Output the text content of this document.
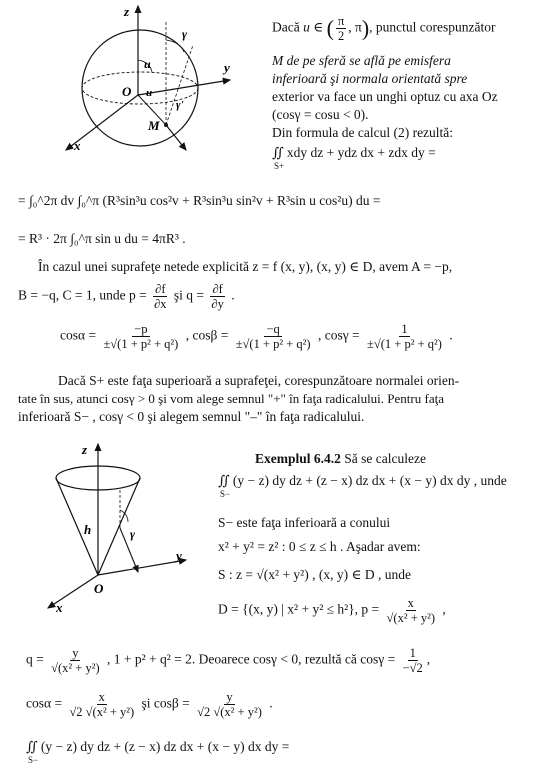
z
y
x
O
M
u
u
γ
γ'
Dacă u ∈ ( $\frac{\pi}{2}$ , π), punctul corespunzător
M de pe sferă se află pe emisfera
inferioară şi normala orientată spre
exterior va face un unghi optuz cu axa Oz
(cosγ = cosu < 0).
Din formula de calcul (2) rezultă:
∬ xdy dz + ydz dx + zdx dy =
S+
= ∫₀^2π dv ∫₀^π (R³sin³u cos²v + R³sin³u sin²v + R³sin u cos²u) du =
= R³ · 2π ∫₀^π sin u du = 4πR³ .
În cazul unei suprafeţe netede explicită z = f (x, y), (x, y) ∈ D, avem A = −p,
B = −q, C = 1, unde $p = \frac{\partial f}{\partial x}$ şi $q = \frac{\partial f}{\partial y}$ .
$\cos\alpha = \frac{-p}{\text{±√(1 + p² + q²)}}$ , $\cos\beta = \frac{-q}{\text{±√(1 + p² + q²)}}$ , $\cos\gamma = \frac{1}{\text{±√(1 + p² + q²)}}$ .
Dacă S+ este faţa superioară a suprafeţei, corespunzătoare normalei orien-
tate în sus, atunci cosγ > 0 şi vom alege semnul "+" în faţa radicalului. Pentru faţa
inferioară S− , cosγ < 0 şi alegem semnul "–" în faţa radicalului.
z
y
x
O
h	γ
Exemplul 6.4.2 Să se calculeze
∬ (y − z) dy dz + (z − x) dz dx + (x − y) dx dy , unde
S−
S− este faţa inferioară a conului
x² + y² = z² : 0 ≤ z ≤ h . Aşadar avem:
S : z = √(x² + y²) , (x, y) ∈ D , unde
D = {(x, y) | x² + y² ≤ h²}, $p = \frac{x}{\text{√(x² + y²)}}$ ,
$q = \frac{y}{\text{√(x² + y²)}}$ , 1 + p² + q² = 2. Deoarece cosγ < 0, rezultă că $\cos\gamma = \frac{1}{-√2}$ ,
$\cos\alpha = \frac{x}{\text{√2 √(x² + y²)}}$ şi $\cos\beta = \frac{y}{\text{√2 √(x² + y²)}}$ .
∬ (y − z) dy dz + (z − x) dz dx + (x − y) dx dy =
S−
